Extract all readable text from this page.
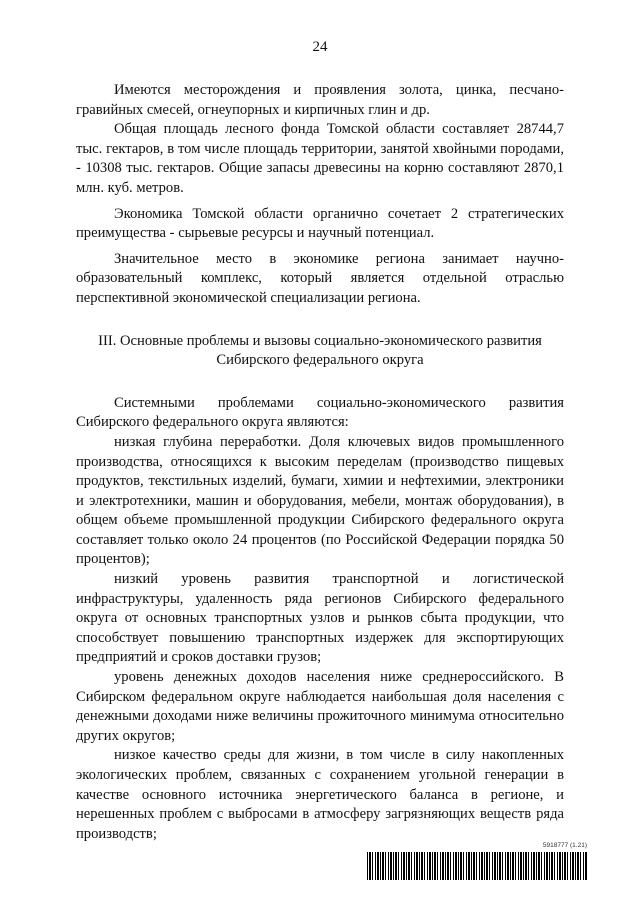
24

Имеются месторождения и проявления золота, цинка, песчано-гравийных смесей, огнеупорных и кирпичных глин и др.

Общая площадь лесного фонда Томской области составляет 28744,7 тыс. гектаров, в том числе площадь территории, занятой хвойными породами, - 10308 тыс. гектаров. Общие запасы древесины на корню составляют 2870,1 млн. куб. метров.

Экономика Томской области органично сочетает 2 стратегических преимущества - сырьевые ресурсы и научный потенциал.

Значительное место в экономике региона занимает научно-образовательный комплекс, который является отдельной отраслью перспективной экономической специализации региона.

III. Основные проблемы и вызовы социально-экономического развития
Сибирского федерального округа

Системными проблемами социально-экономического развития Сибирского федерального округа являются:

низкая глубина переработки. Доля ключевых видов промышленного производства, относящихся к высоким переделам (производство пищевых продуктов, текстильных изделий, бумаги, химии и нефтехимии, электроники и электротехники, машин и оборудования, мебели, монтаж оборудования), в общем объеме промышленной продукции Сибирского федерального округа составляет только около 24 процентов (по Российской Федерации порядка 50 процентов);

низкий уровень развития транспортной и логистической инфраструктуры, удаленность ряда регионов Сибирского федерального округа от основных транспортных узлов и рынков сбыта продукции, что способствует повышению транспортных издержек для экспортирующих предприятий и сроков доставки грузов;

уровень денежных доходов населения ниже среднероссийского. В Сибирском федеральном округе наблюдается наибольшая доля населения с денежными доходами ниже величины прожиточного минимума относительно других округов;

низкое качество среды для жизни, в том числе в силу накопленных экологических проблем, связанных с сохранением угольной генерации в качестве основного источника энергетического баланса в регионе, и нерешенных проблем с выбросами в атмосферу загрязняющих веществ ряда производств;

5918777 (1.21)
